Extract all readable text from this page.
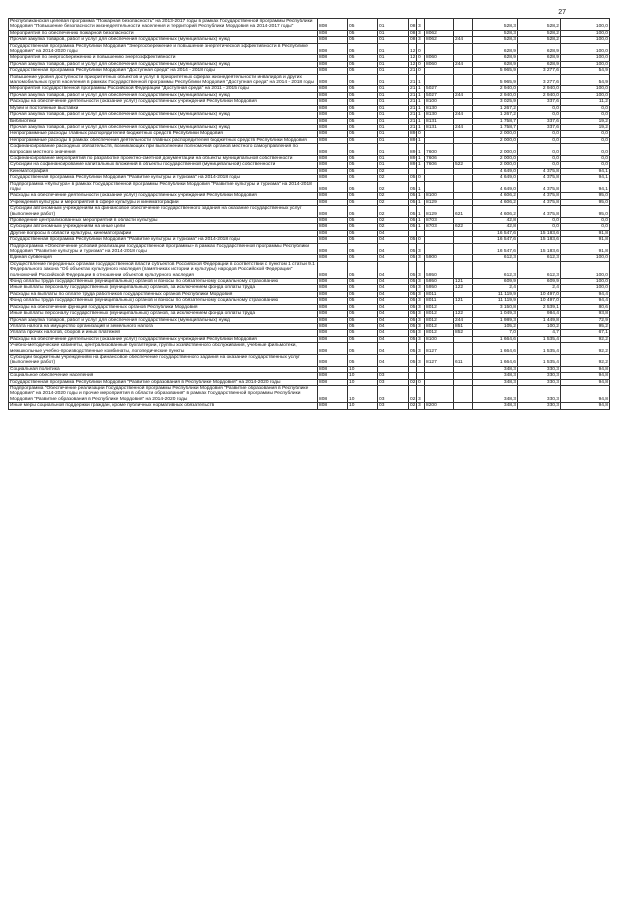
27
Республиканская целевая программа "Пожарная безопасность" на 2013-2017 годы в рамках Государственной программы Республики Мордовия "Повышение безопасности жизнедеятельности населения и территорий Республики Мордовия на 2014-2017 годы"	808	05	01	08	3			528,3	528,2	100,0
Мероприятия по обеспечению пожарной безопасности	808	05	01	08	3	8062		528,3	528,2	100,0
Прочая закупка товаров, работ и услуг для обеспечения государственных (муниципальных) нужд	808	05	01	08	3	8062	244	528,3	528,2	100,0
Государственная программа Республики Мордовия "Энергосбережение и повышение энергетической эффективности в Республике Мордовия" на 2014-2020 годы	808	05	01	12	0			628,9	628,9	100,0
Мероприятия по энергосбережению и повышению энергоэффективности	808	05	01	12	0	8060		628,9	628,9	100,0
Прочая закупка товаров, работ и услуг для обеспечения государственных (муниципальных) нужд	808	05	01	12	0	8060	244	628,9	628,9	100,0
Государственная программа Республики Мордовия "Доступная среда" на 2014 - 2018 годы	808	05	01	21	0			5 965,9	3 277,6	54,9
Повышение уровня доступности приоритетных объектов и услуг в приоритетных сферах жизнедеятельности инвалидов и других маломобильных групп населения в рамках Государственной программы Республики Мордовия "Доступная среда" на 2014 - 2018 годы	808	05	01	21	1			5 965,9	3 277,6	54,9
Мероприятия государственной программы Российской Федерации "Доступная среда" на 2011 - 2015 годы	808	05	01	21	1	5027		2 940,0	2 940,0	100,0
Прочая закупка товаров, работ и услуг для обеспечения государственных (муниципальных) нужд	808	05	01	21	1	5027	244	2 940,0	2 940,0	100,0
Расходы на обеспечение деятельности (оказание услуг) государственных учреждений Республики Мордовия	808	05	01	21	1	8100		3 025,9	337,6	11,2
Музеи и постоянные выставки	808	05	01	21	1	8130		1 267,2	0,0	0,0
Прочая закупка товаров, работ и услуг для обеспечения государственных (муниципальных) нужд	808	05	01	21	1	8130	244	1 267,2	0,0	0,0
Библиотеки	808	05	01	21	1	8131		1 758,7	337,6	19,2
Прочая закупка товаров, работ и услуг для обеспечения государственных (муниципальных) нужд	808	05	01	21	1	8131	244	1 758,7	337,6	19,2
Непрограммные расходы главных распорядителей бюджетных средств Республики Мордовия	808	05	01	89	0			2 000,0	0,0	0,0
Непрограммные расходы в рамках обеспечения деятельности главных распорядителей бюджетных средств Республики Мордовия	808	05	01	89	1			2 000,0	0,0	0,0
Софинансирование расходных обязательств, возникающих при выполнении полномочий органов местного самоуправления по вопросам местного значения	808	05	01	89	1	7600		2 000,0	0,0	0,0
Софинансирование мероприятий по разработке проектно-сметной документации на объекты муниципальной собственности	808	05	01	89	1	7606		2 000,0	0,0	0,0
Субсидии на софинансирование капитальных вложений в объекты государственной (муниципальной) собственности	808	05	01	89	1	7606	522	2 000,0	0,0	0,0
Кинематография	808	05	02					4 649,0	4 375,8	94,1
Государственная программа Республики Мордовия "Развитие культуры и туризма" на 2014-2018 годы	808	05	02	05	0			4 649,0	4 375,8	94,1
Подпрограмма «Культура» в рамках Государственной программы Республики Мордовия "Развитие культуры и туризма" на 2014-2018 годы	808	05	02	05	1			4 649,0	4 375,8	94,1
Расходы на обеспечение деятельности (оказание услуг) государственных учреждений Республики Мордовия	808	05	02	05	1	8100		4 606,2	4 375,8	95,0
Учреждения культуры и мероприятия в сфере культуры и кинематографии	808	05	02	05	1	8129		4 606,2	4 375,8	95,0
Субсидии автономным учреждениям на финансовое обеспечение государственного задания на оказание государственных услуг (выполнение работ)	808	05	02	05	1	8129	621	4 606,2	4 375,8	95,0
Проведение централизованных мероприятий в области культуры	808	05	02	05	1	8703		42,8	0,0	0,0
Субсидии автономным учреждениям на иные цели	808	05	02	05	1	8703	622	42,8	0,0	0,0
Другие вопросы в области культуры, кинематографии	808	05	04					16 547,6	15 183,6	91,8
Государственная программа Республики Мордовия "Развитие культуры и туризма" на 2014-2018 годы	808	05	04	05	0			16 547,6	15 183,6	91,8
Подпрограмма «Обеспечение условий реализации государственной программы» в рамках Государственной программы Республики Мордовия "Развитие культуры и туризма" на 2014-2018 годы	808	05	04	05	3			16 547,6	15 183,6	91,8
Единая субвенция	808	05	04	05	3	5900		612,3	612,3	100,0
Осуществление переданных органам государственной власти субъектов Российской Федерации в соответствии с пунктом 1 статьи 9.1 Федерального закона "Об объектах культурного наследия (памятниках истории и культуры) народов Российской Федерации" полномочий Российской Федерации в отношении объектов культурного наследия	808	05	04	05	3	5950		612,3	612,3	100,0
Фонд оплаты труда государственных (муниципальных) органов и взносы по обязательному социальному страхованию	808	05	04	05	3	5950	121	609,9	609,9	100,0
Иные выплаты персоналу государственных (муниципальных) органов, за исключением фонда оплаты труда	808	05	04	05	3	5950	122	2,4	2,4	100,0
Расходы на выплаты по оплате труда работников государственных органов Республики Мордовия	808	05	04	05	3	8011		11 119,9	10 497,0	94,4
Фонд оплаты труда государственных (муниципальных) органов и взносы по обязательному социальному страхованию	808	05	04	05	3	8011	121	11 119,9	10 497,0	94,4
Расходы на обеспечение функций государственных органов Республики Мордовия	808	05	04	05	3	8012		3 150,8	2 539,1	80,6
Иные выплаты персоналу государственных (муниципальных) органов, за исключением фонда оплаты труда	808	05	04	05	3	8012	122	1 049,3	984,4	93,8
Прочая закупка товаров, работ и услуг для обеспечения государственных (муниципальных) нужд	808	05	04	05	3	8012	244	1 989,3	1 449,8	72,9
Уплата налога на имущество организаций и земельного налога	808	05	04	05	3	8012	851	105,2	100,2	95,2
Уплата прочих налогов, сборов и иных платежей	808	05	04	05	3	8012	852	7,0	4,7	67,1
Расходы на обеспечение деятельности (оказание услуг) государственных учреждений Республики Мордовия	808	05	04	05	3	8100		1 664,6	1 535,4	92,2
Учебно-методические кабинеты, централизованные бухгалтерии, группы хозяйственного обслуживания, учебные фильмотеки, межшкольные учебно-производственные комбинаты, логопедические пункты	808	05	04	05	3	8127		1 664,6	1 535,4	92,2
Субсидии бюджетным учреждениям на финансовое обеспечение государственного задания на оказание государственных услуг (выполнение работ)	808	05	04	05	3	8127	611	1 664,6	1 535,4	92,2
Социальная политика	808	10						348,3	330,3	94,8
Социальное обеспечение населения	808	10	03					348,3	330,3	94,8
Государственная программа Республики Мордовия "Развитие образования в Республике Мордовия" на 2014-2020 годы	808	10	03	02	0			348,3	330,3	94,8
Подпрограмма "Обеспечение реализации Государственной программы Республики Мордовия "Развитие образования в Республике Мордовия" на 2014-2020 годы и прочие мероприятия в области образования" в рамках Государственной программы Республики Мордовия "Развитие образования в Республике Мордовия" на 2014-2020 годы	808	10	03	02	3			348,3	330,3	94,8
Иные меры социальной поддержки граждан, кроме публичных нормативных обязательств	808	10	03	02	3	8200		348,3	330,3	94,8
